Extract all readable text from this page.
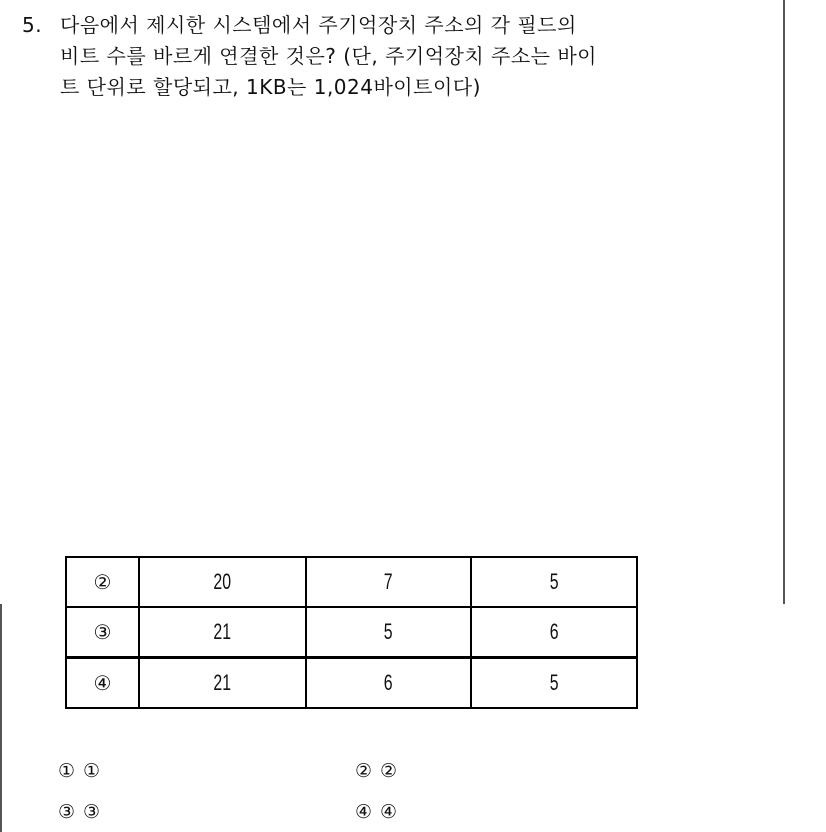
5. 다음에서 제시한 시스템에서 주기억장치 주소의 각 필드의
비트 수를 바르게 연결한 것은? (단, 주기억장치 주소는 바이
트 단위로 할당되고, 1KB는 1,024바이트이다)
②	20	7	5
③	21	5	6
④	21	6	5
① ①	② ②
③ ③	④ ④
